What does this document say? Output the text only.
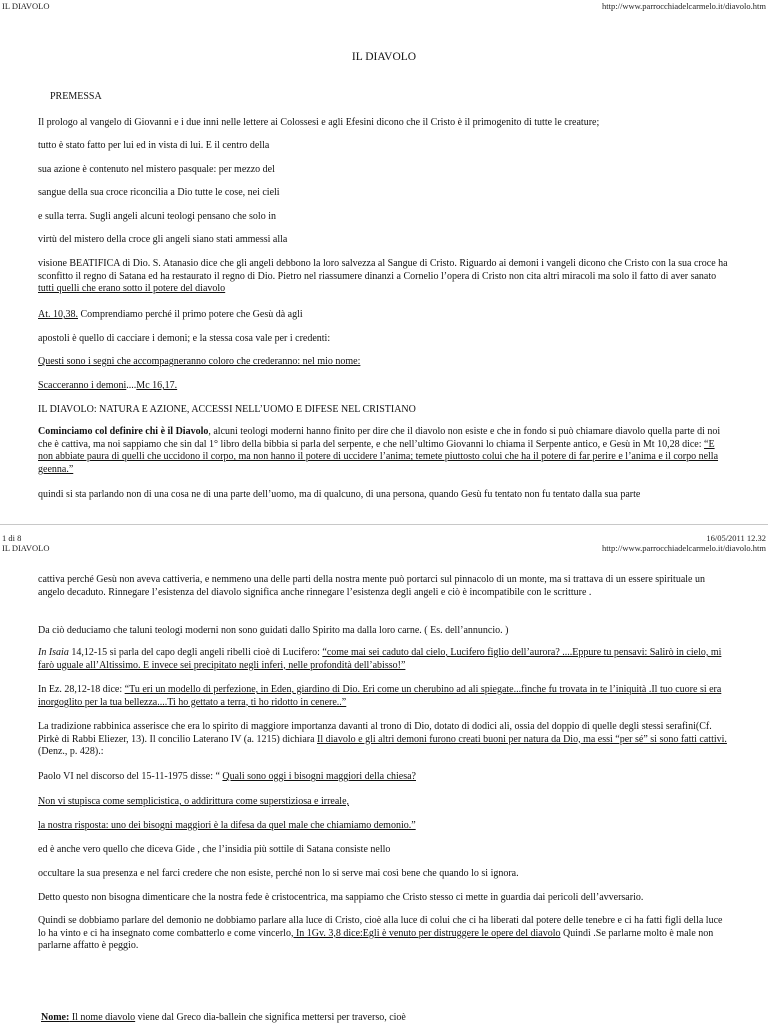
IL DIAVOLO	http://www.parrocchiadelcarmelo.it/diavolo.htm
IL DIAVOLO
PREMESSA
Il prologo al vangelo di Giovanni e i due inni nelle lettere ai Colossesi e agli Efesini dicono che il Cristo è il primogenito di tutte le creature;
tutto è stato fatto per lui ed in vista di lui. E il centro della
sua azione è contenuto nel mistero pasquale: per mezzo del
sangue della sua croce riconcilia a Dio tutte le cose, nei cieli
e sulla terra. Sugli angeli alcuni teologi pensano che solo in
virtù del mistero della croce gli angeli siano stati ammessi alla
visione BEATIFICA di Dio. S. Atanasio dice che gli angeli debbono la loro salvezza al Sangue di Cristo. Riguardo ai demoni i vangeli dicono che Cristo con la sua croce ha sconfitto il regno di Satana ed ha restaurato il regno di Dio. Pietro nel riassumere dinanzi a Cornelio l’opera di Cristo non cita altri miracoli ma solo il fatto di aver sanato tutti quelli che erano sotto il potere del diavolo
At. 10,38. Comprendiamo perché il primo potere che Gesù dà agli
apostoli è quello di cacciare i demoni; e la stessa cosa vale per i credenti:
Questi sono i segni che accompagneranno coloro che crederanno: nel mio nome:
Scacceranno i demoni....Mc 16,17.
IL DIAVOLO: NATURA E AZIONE, ACCESSI NELL’UOMO E DIFESE NEL CRISTIANO
Cominciamo col definire chi è il Diavolo, alcuni teologi moderni hanno finito per dire che il diavolo non esiste e che in fondo si può chiamare diavolo quella parte di noi che è cattiva, ma noi sappiamo che sin dal 1° libro della bibbia si parla del serpente, e che nell’ultimo Giovanni lo chiama il Serpente antico, e Gesù in Mt 10,28 dice: “E non abbiate paura di quelli che uccidono il corpo, ma non hanno il potere di uccidere l’anima; temete piuttosto colui che ha il potere di far perire e l’anima e il corpo nella geenna.”
quindi si sta parlando non di una cosa ne di una parte dell’uomo, ma di qualcuno, di una persona, quando Gesù fu tentato non fu tentato dalla sua parte
1 di 8	16/05/2011 12.32
IL DIAVOLO	http://www.parrocchiadelcarmelo.it/diavolo.htm
cattiva perché Gesù non aveva cattiveria, e nemmeno una delle parti della nostra mente può portarci sul pinnacolo di un monte, ma si trattava di un essere spirituale un angelo decaduto. Rinnegare l’esistenza del diavolo significa anche rinnegare l’esistenza degli angeli e ciò è incompatibile con le scritture .
Da ciò deduciamo che taluni teologi moderni non sono guidati dallo Spirito ma dalla loro carne. ( Es. dell’annuncio. )
In Isaia 14,12-15 si parla del capo degli angeli ribelli cioè di Lucifero: “come mai sei caduto dal cielo, Lucifero figlio dell’aurora? ....Eppure tu pensavi: Salirò in cielo, mi farò uguale all’Altissimo. E invece sei precipitato negli inferi, nelle profondità dell’abisso!”
In Ez. 28,12-18 dice: “Tu eri un modello di perfezione, in Eden, giardino di Dio. Eri come un cherubino ad ali spiegate...finche fu trovata in te l’iniquità .Il tuo cuore si era inorgoglito per la tua bellezza....Ti ho gettato a terra, ti ho ridotto in cenere..”
La tradizione rabbinica asserisce che era lo spirito di maggiore importanza davanti al trono di Dio, dotato di dodici ali, ossia del doppio di quelle degli stessi serafini(Cf. Pirkè di Rabbi Eliezer, 13). Il concilio Laterano IV (a. 1215) dichiara Il diavolo e gli altri demoni furono creati buoni per natura da Dio, ma essi “per sé” si sono fatti cattivi.(Denz., p. 428).:
Paolo VI nel discorso del 15-11-1975 disse: “ Quali sono oggi i bisogni maggiori della chiesa?
Non vi stupisca come semplicistica, o addirittura come superstiziosa e irreale,
la nostra risposta: uno dei bisogni maggiori è la difesa da quel male che chiamiamo demonio.”
ed è anche vero quello che diceva Gide , che l’insidia più sottile di Satana consiste nello
occultare la sua presenza e nel farci credere che non esiste, perché non lo si serve mai così bene che quando lo si ignora.
Detto questo non bisogna dimenticare che la nostra fede è cristocentrica, ma sappiamo che Cristo stesso ci mette in guardia dai pericoli dell’avversario.
Quindi se dobbiamo parlare del demonio ne dobbiamo parlare alla luce di Cristo, cioè alla luce di colui che ci ha liberati dal potere delle tenebre e ci ha fatti figli della luce lo ha vinto e ci ha insegnato come combatterlo e come vincerlo, In 1Gv. 3,8 dice:Egli è venuto per distruggere le opere del diavolo Quindi .Se parlarne molto è male non parlarne affatto è peggio.
Nome: Il nome diavolo viene dal Greco dia-ballein che significa mettersi per traverso, cioè
